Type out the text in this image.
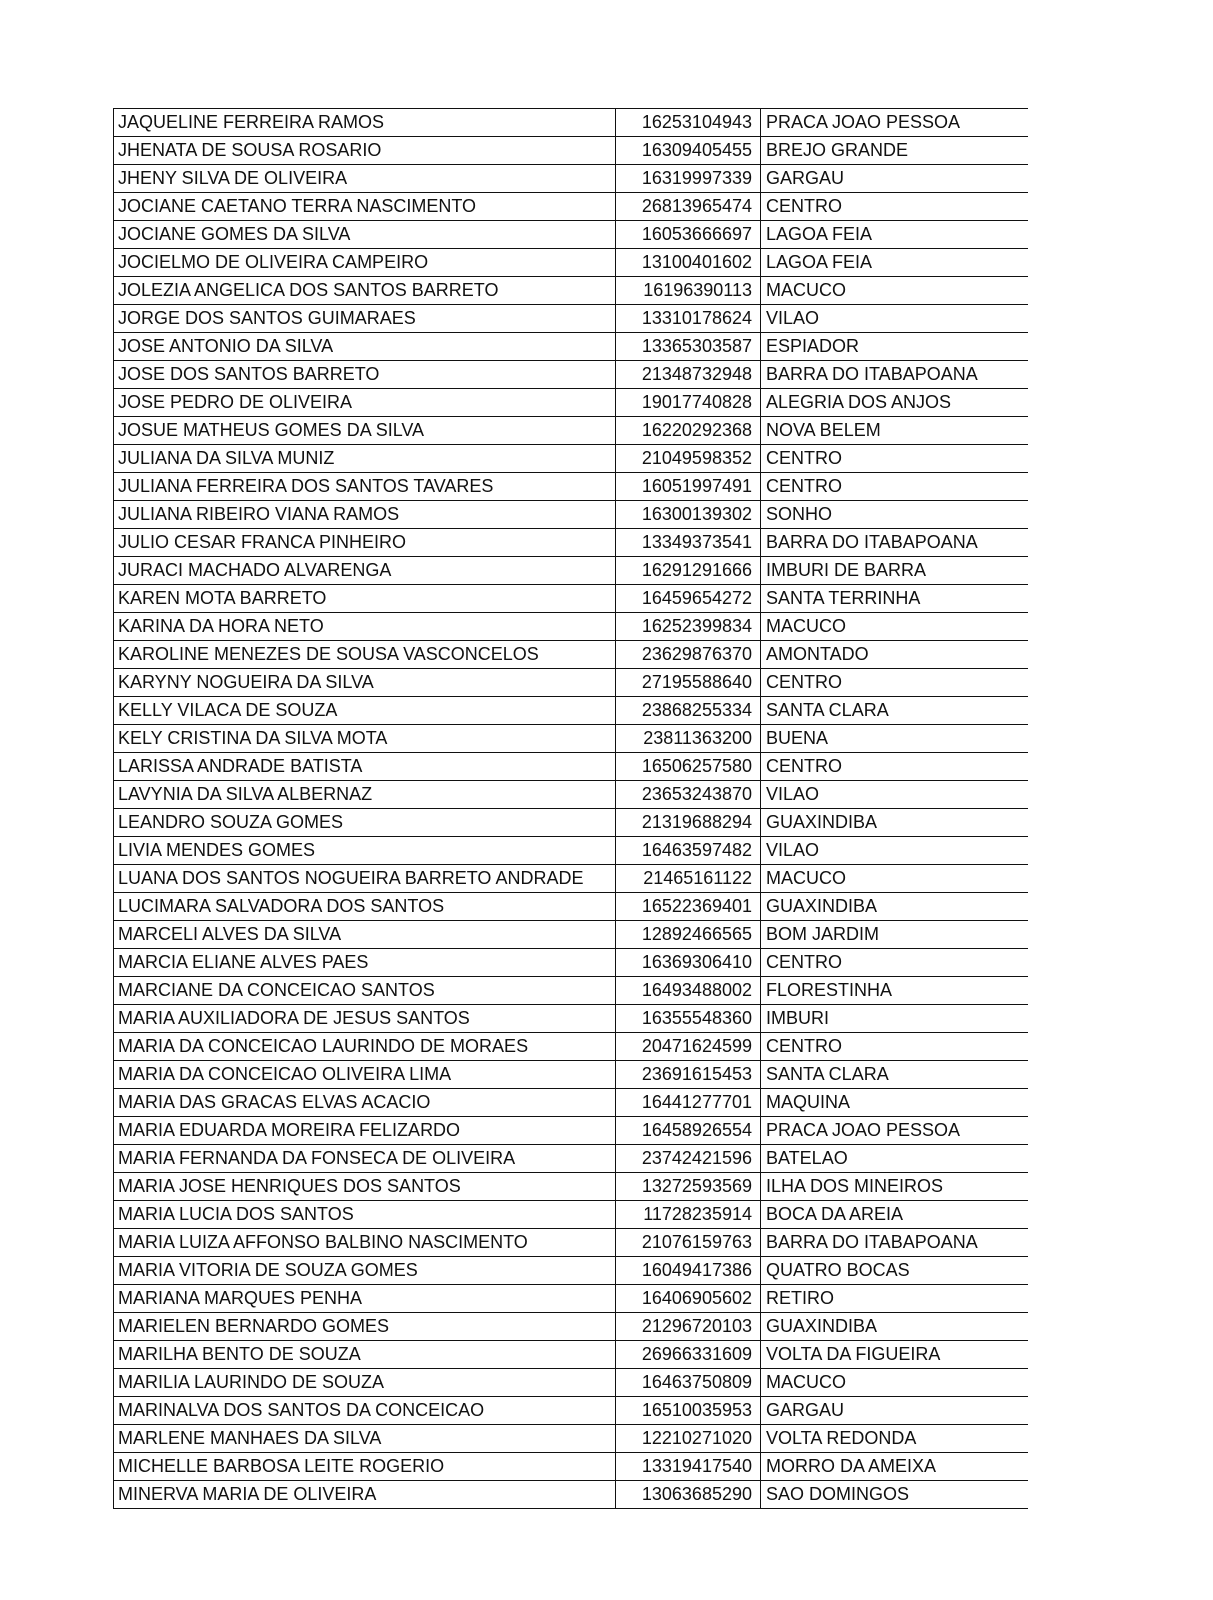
JAQUELINE FERREIRA RAMOS	16253104943	PRACA JOAO PESSOA
JHENATA DE SOUSA ROSARIO	16309405455	BREJO GRANDE
JHENY SILVA DE OLIVEIRA	16319997339	GARGAU
JOCIANE CAETANO TERRA NASCIMENTO	26813965474	CENTRO
JOCIANE GOMES DA SILVA	16053666697	LAGOA FEIA
JOCIELMO DE OLIVEIRA CAMPEIRO	13100401602	LAGOA FEIA
JOLEZIA ANGELICA DOS SANTOS BARRETO	16196390113	MACUCO
JORGE DOS SANTOS GUIMARAES	13310178624	VILAO
JOSE ANTONIO DA SILVA	13365303587	ESPIADOR
JOSE DOS SANTOS BARRETO	21348732948	BARRA DO ITABAPOANA
JOSE PEDRO DE OLIVEIRA	19017740828	ALEGRIA DOS ANJOS
JOSUE MATHEUS GOMES DA SILVA	16220292368	NOVA BELEM
JULIANA DA SILVA MUNIZ	21049598352	CENTRO
JULIANA FERREIRA DOS SANTOS TAVARES	16051997491	CENTRO
JULIANA RIBEIRO VIANA RAMOS	16300139302	SONHO
JULIO CESAR FRANCA PINHEIRO	13349373541	BARRA DO ITABAPOANA
JURACI MACHADO ALVARENGA	16291291666	IMBURI DE BARRA
KAREN MOTA BARRETO	16459654272	SANTA TERRINHA
KARINA DA HORA NETO	16252399834	MACUCO
KAROLINE MENEZES DE SOUSA VASCONCELOS	23629876370	AMONTADO
KARYNY NOGUEIRA DA SILVA	27195588640	CENTRO
KELLY VILACA DE SOUZA	23868255334	SANTA CLARA
KELY CRISTINA DA SILVA MOTA	23811363200	BUENA
LARISSA ANDRADE BATISTA	16506257580	CENTRO
LAVYNIA DA SILVA ALBERNAZ	23653243870	VILAO
LEANDRO SOUZA GOMES	21319688294	GUAXINDIBA
LIVIA MENDES GOMES	16463597482	VILAO
LUANA DOS SANTOS NOGUEIRA BARRETO ANDRADE	21465161122	MACUCO
LUCIMARA SALVADORA DOS SANTOS	16522369401	GUAXINDIBA
MARCELI ALVES DA SILVA	12892466565	BOM JARDIM
MARCIA ELIANE ALVES PAES	16369306410	CENTRO
MARCIANE DA CONCEICAO SANTOS	16493488002	FLORESTINHA
MARIA AUXILIADORA DE JESUS SANTOS	16355548360	IMBURI
MARIA DA CONCEICAO LAURINDO DE MORAES	20471624599	CENTRO
MARIA DA CONCEICAO OLIVEIRA LIMA	23691615453	SANTA CLARA
MARIA DAS GRACAS ELVAS ACACIO	16441277701	MAQUINA
MARIA EDUARDA MOREIRA FELIZARDO	16458926554	PRACA JOAO PESSOA
MARIA FERNANDA DA FONSECA DE OLIVEIRA	23742421596	BATELAO
MARIA JOSE HENRIQUES DOS SANTOS	13272593569	ILHA DOS MINEIROS
MARIA LUCIA DOS SANTOS	11728235914	BOCA DA AREIA
MARIA LUIZA AFFONSO BALBINO NASCIMENTO	21076159763	BARRA DO ITABAPOANA
MARIA VITORIA DE SOUZA GOMES	16049417386	QUATRO BOCAS
MARIANA MARQUES PENHA	16406905602	RETIRO
MARIELEN BERNARDO GOMES	21296720103	GUAXINDIBA
MARILHA BENTO DE SOUZA	26966331609	VOLTA DA FIGUEIRA
MARILIA LAURINDO DE SOUZA	16463750809	MACUCO
MARINALVA DOS SANTOS DA CONCEICAO	16510035953	GARGAU
MARLENE MANHAES DA SILVA	12210271020	VOLTA REDONDA
MICHELLE BARBOSA LEITE ROGERIO	13319417540	MORRO DA AMEIXA
MINERVA MARIA DE OLIVEIRA	13063685290	SAO DOMINGOS
